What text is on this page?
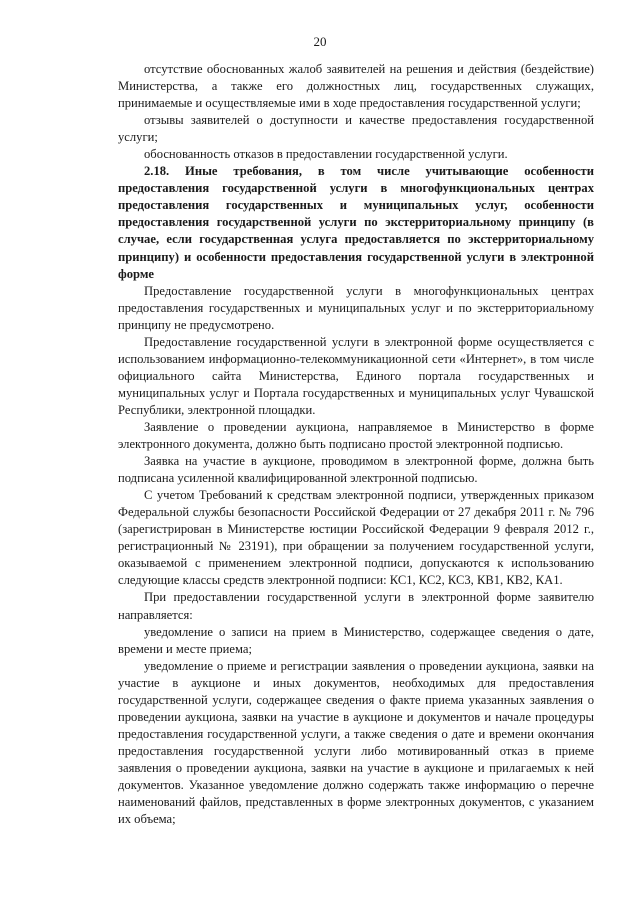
20

отсутствие обоснованных жалоб заявителей на решения и действия (бездействие) Министерства, а также его должностных лиц, государственных служащих, принимаемые и осуществляемые ими в ходе предоставления государственной услуги;

отзывы заявителей о доступности и качестве предоставления государственной услуги;

обоснованность отказов в предоставлении государственной услуги.

2.18. Иные требования, в том числе учитывающие особенности предоставления государственной услуги в многофункциональных центрах предоставления государственных и муниципальных услуг, особенности предоставления государственной услуги по экстерриториальному принципу (в случае, если государственная услуга предоставляется по экстерриториальному принципу) и особенности предоставления государственной услуги в электронной форме

Предоставление государственной услуги в многофункциональных центрах предоставления государственных и муниципальных услуг и по экстерриториальному принципу не предусмотрено.

Предоставление государственной услуги в электронной форме осуществляется с использованием информационно-телекоммуникационной сети «Интернет», в том числе официального сайта Министерства, Единого портала государственных и муниципальных услуг и Портала государственных и муниципальных услуг Чувашской Республики, электронной площадки.

Заявление о проведении аукциона, направляемое в Министерство в форме электронного документа, должно быть подписано простой электронной подписью.

Заявка на участие в аукционе, проводимом в электронной форме, должна быть подписана усиленной квалифицированной электронной подписью.

С учетом Требований к средствам электронной подписи, утвержденных приказом Федеральной службы безопасности Российской Федерации от 27 декабря 2011 г. № 796 (зарегистрирован в Министерстве юстиции Российской Федерации 9 февраля 2012 г., регистрационный № 23191), при обращении за получением государственной услуги, оказываемой с применением электронной подписи, допускаются к использованию следующие классы средств электронной подписи: КС1, КС2, КС3, КВ1, КВ2, КА1.

При предоставлении государственной услуги в электронной форме заявителю направляется:

уведомление о записи на прием в Министерство, содержащее сведения о дате, времени и месте приема;

уведомление о приеме и регистрации заявления о проведении аукциона, заявки на участие в аукционе и иных документов, необходимых для предоставления государственной услуги, содержащее сведения о факте приема указанных заявления о проведении аукциона, заявки на участие в аукционе и документов и начале процедуры предоставления государственной услуги, а также сведения о дате и времени окончания предоставления государственной услуги либо мотивированный отказ в приеме заявления о проведении аукциона, заявки на участие в аукционе и прилагаемых к ней документов. Указанное уведомление должно содержать также информацию о перечне наименований файлов, представленных в форме электронных документов, с указанием их объема;
